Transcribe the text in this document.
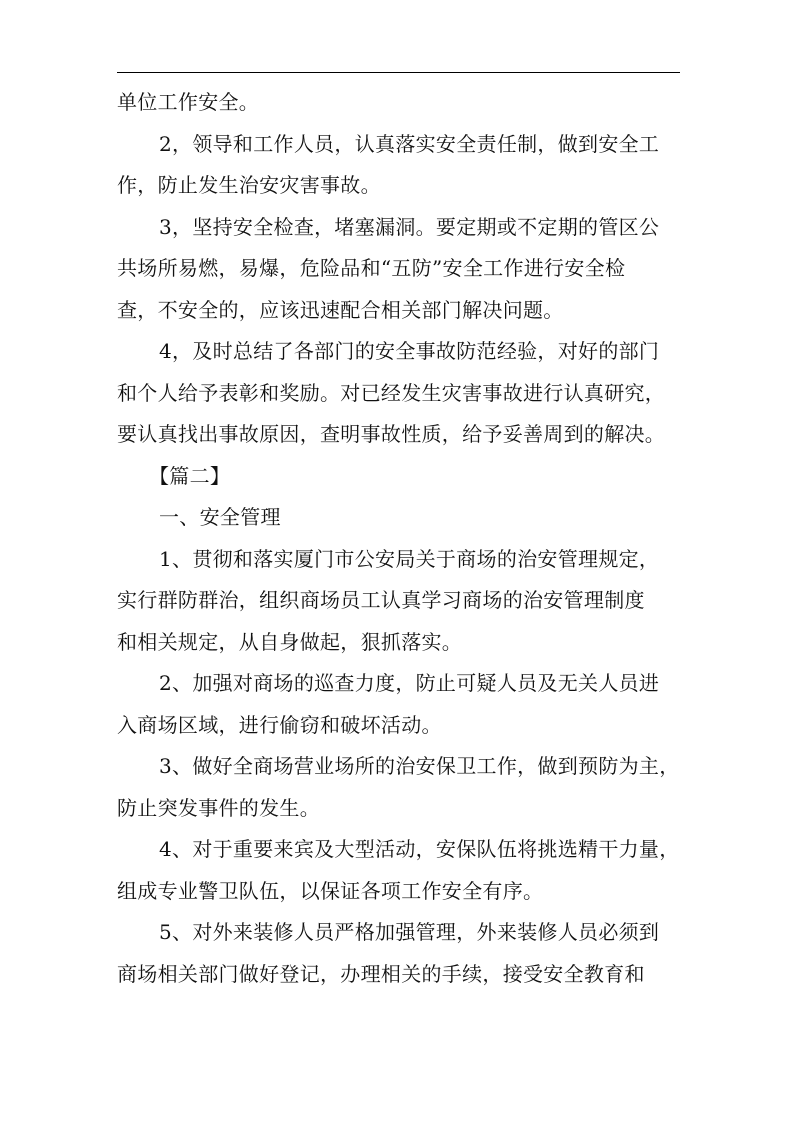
单位工作安全。
2，领导和工作人员，认真落实安全责任制，做到安全工
作，防止发生治安灾害事故。
3，坚持安全检查，堵塞漏洞。要定期或不定期的管区公
共场所易燃，易爆，危险品和“五防”安全工作进行安全检
查，不安全的，应该迅速配合相关部门解决问题。
4，及时总结了各部门的安全事故防范经验，对好的部门
和个人给予表彰和奖励。对已经发生灾害事故进行认真研究，
要认真找出事故原因，查明事故性质，给予妥善周到的解决。
【篇二】
一、安全管理
1、贯彻和落实厦门市公安局关于商场的治安管理规定，
实行群防群治，组织商场员工认真学习商场的治安管理制度
和相关规定，从自身做起，狠抓落实。
2、加强对商场的巡查力度，防止可疑人员及无关人员进
入商场区域，进行偷窃和破坏活动。
3、做好全商场营业场所的治安保卫工作，做到预防为主，
防止突发事件的发生。
4、对于重要来宾及大型活动，安保队伍将挑选精干力量，
组成专业警卫队伍，以保证各项工作安全有序。
5、对外来装修人员严格加强管理，外来装修人员必须到
商场相关部门做好登记，办理相关的手续，接受安全教育和
